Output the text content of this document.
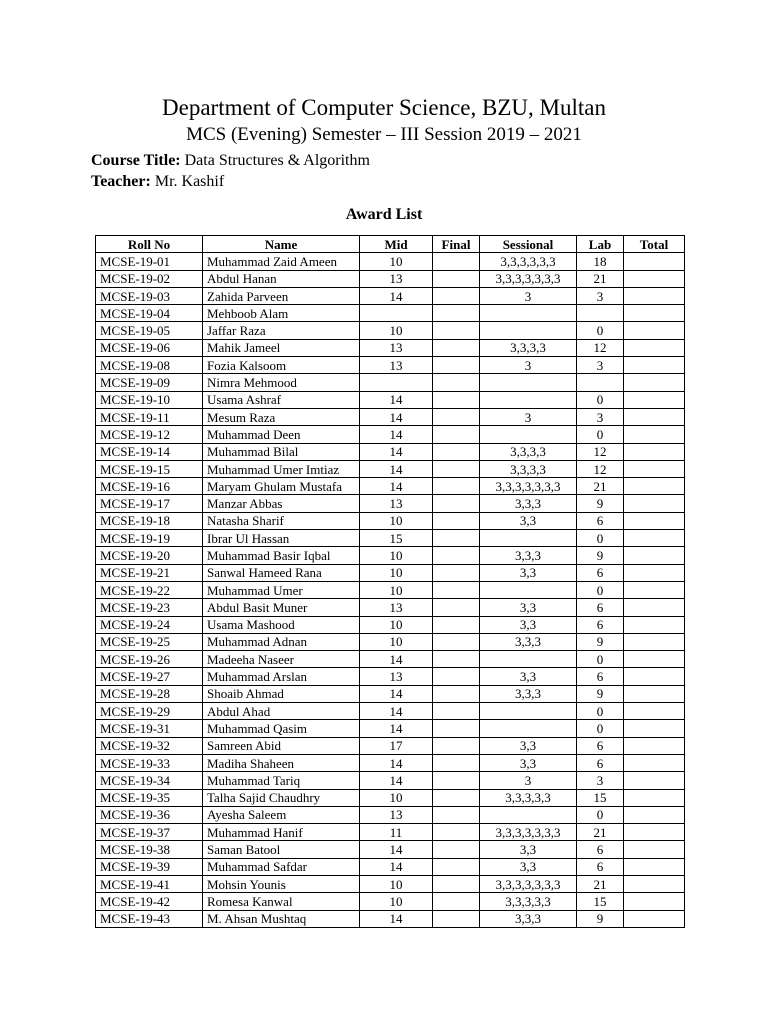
Department of Computer Science, BZU, Multan
MCS (Evening) Semester – III Session 2019 – 2021
Course Title: Data Structures & Algorithm
Teacher: Mr. Kashif
Award List
Roll No	Name	Mid	Final	Sessional	Lab	Total
MCSE-19-01	Muhammad Zaid Ameen	10		3,3,3,3,3,3	18	
MCSE-19-02	Abdul Hanan	13		3,3,3,3,3,3,3	21	
MCSE-19-03	Zahida Parveen	14		3	3	
MCSE-19-04	Mehboob Alam					
MCSE-19-05	Jaffar Raza	10			0	
MCSE-19-06	Mahik Jameel	13		3,3,3,3	12	
MCSE-19-08	Fozia Kalsoom	13		3	3	
MCSE-19-09	Nimra Mehmood					
MCSE-19-10	Usama Ashraf	14			0	
MCSE-19-11	Mesum Raza	14		3	3	
MCSE-19-12	Muhammad Deen	14			0	
MCSE-19-14	Muhammad Bilal	14		3,3,3,3	12	
MCSE-19-15	Muhammad Umer Imtiaz	14		3,3,3,3	12	
MCSE-19-16	Maryam Ghulam Mustafa	14		3,3,3,3,3,3,3	21	
MCSE-19-17	Manzar Abbas	13		3,3,3	9	
MCSE-19-18	Natasha Sharif	10		3,3	6	
MCSE-19-19	Ibrar Ul Hassan	15			0	
MCSE-19-20	Muhammad Basir Iqbal	10		3,3,3	9	
MCSE-19-21	Sanwal Hameed Rana	10		3,3	6	
MCSE-19-22	Muhammad Umer	10			0	
MCSE-19-23	Abdul Basit Muner	13		3,3	6	
MCSE-19-24	Usama Mashood	10		3,3	6	
MCSE-19-25	Muhammad Adnan	10		3,3,3	9	
MCSE-19-26	Madeeha Naseer	14			0	
MCSE-19-27	Muhammad Arslan	13		3,3	6	
MCSE-19-28	Shoaib Ahmad	14		3,3,3	9	
MCSE-19-29	Abdul Ahad	14			0	
MCSE-19-31	Muhammad Qasim	14			0	
MCSE-19-32	Samreen Abid	17		3,3	6	
MCSE-19-33	Madiha Shaheen	14		3,3	6	
MCSE-19-34	Muhammad Tariq	14		3	3	
MCSE-19-35	Talha Sajid Chaudhry	10		3,3,3,3,3	15	
MCSE-19-36	Ayesha Saleem	13			0	
MCSE-19-37	Muhammad Hanif	11		3,3,3,3,3,3,3	21	
MCSE-19-38	Saman Batool	14		3,3	6	
MCSE-19-39	Muhammad Safdar	14		3,3	6	
MCSE-19-41	Mohsin Younis	10		3,3,3,3,3,3,3	21	
MCSE-19-42	Romesa Kanwal	10		3,3,3,3,3	15	
MCSE-19-43	M. Ahsan Mushtaq	14		3,3,3	9	
